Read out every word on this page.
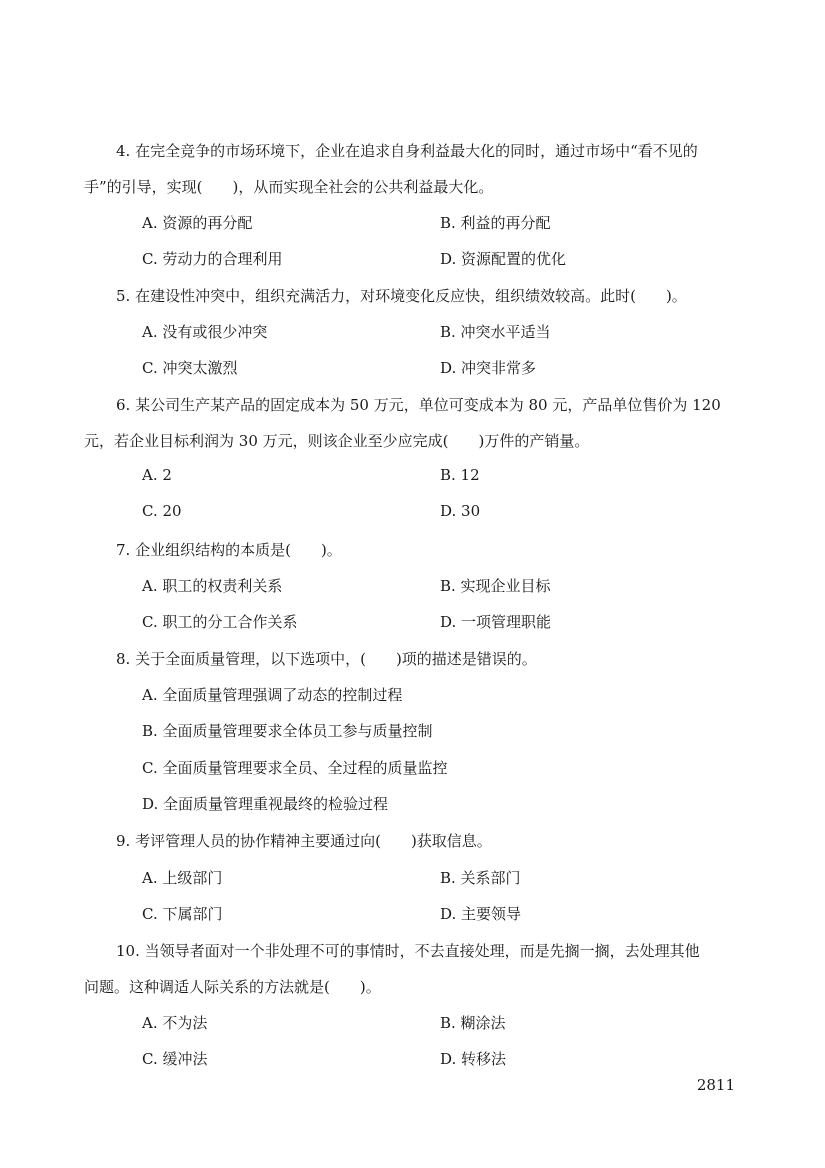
4. 在完全竞争的市场环境下，企业在追求自身利益最大化的同时，通过市场中“看不见的
手”的引导，实现(　　)，从而实现全社会的公共利益最大化。
A. 资源的再分配	B. 利益的再分配
C. 劳动力的合理利用	D. 资源配置的优化
5. 在建设性冲突中，组织充满活力，对环境变化反应快，组织绩效较高。此时(　　)。
A. 没有或很少冲突	B. 冲突水平适当
C. 冲突太激烈	D. 冲突非常多
6. 某公司生产某产品的固定成本为 50 万元，单位可变成本为 80 元，产品单位售价为 120
元，若企业目标利润为 30 万元，则该企业至少应完成(　　)万件的产销量。
A. 2	B. 12
C. 20	D. 30
7. 企业组织结构的本质是(　　)。
A. 职工的权责利关系	B. 实现企业目标
C. 职工的分工合作关系	D. 一项管理职能
8. 关于全面质量管理，以下选项中，(　　)项的描述是错误的。
A. 全面质量管理强调了动态的控制过程
B. 全面质量管理要求全体员工参与质量控制
C. 全面质量管理要求全员、全过程的质量监控
D. 全面质量管理重视最终的检验过程
9. 考评管理人员的协作精神主要通过向(　　)获取信息。
A. 上级部门	B. 关系部门
C. 下属部门	D. 主要领导
10. 当领导者面对一个非处理不可的事情时，不去直接处理，而是先搁一搁，去处理其他
问题。这种调适人际关系的方法就是(　　)。
A. 不为法	B. 糊涂法
C. 缓冲法	D. 转移法
2811
